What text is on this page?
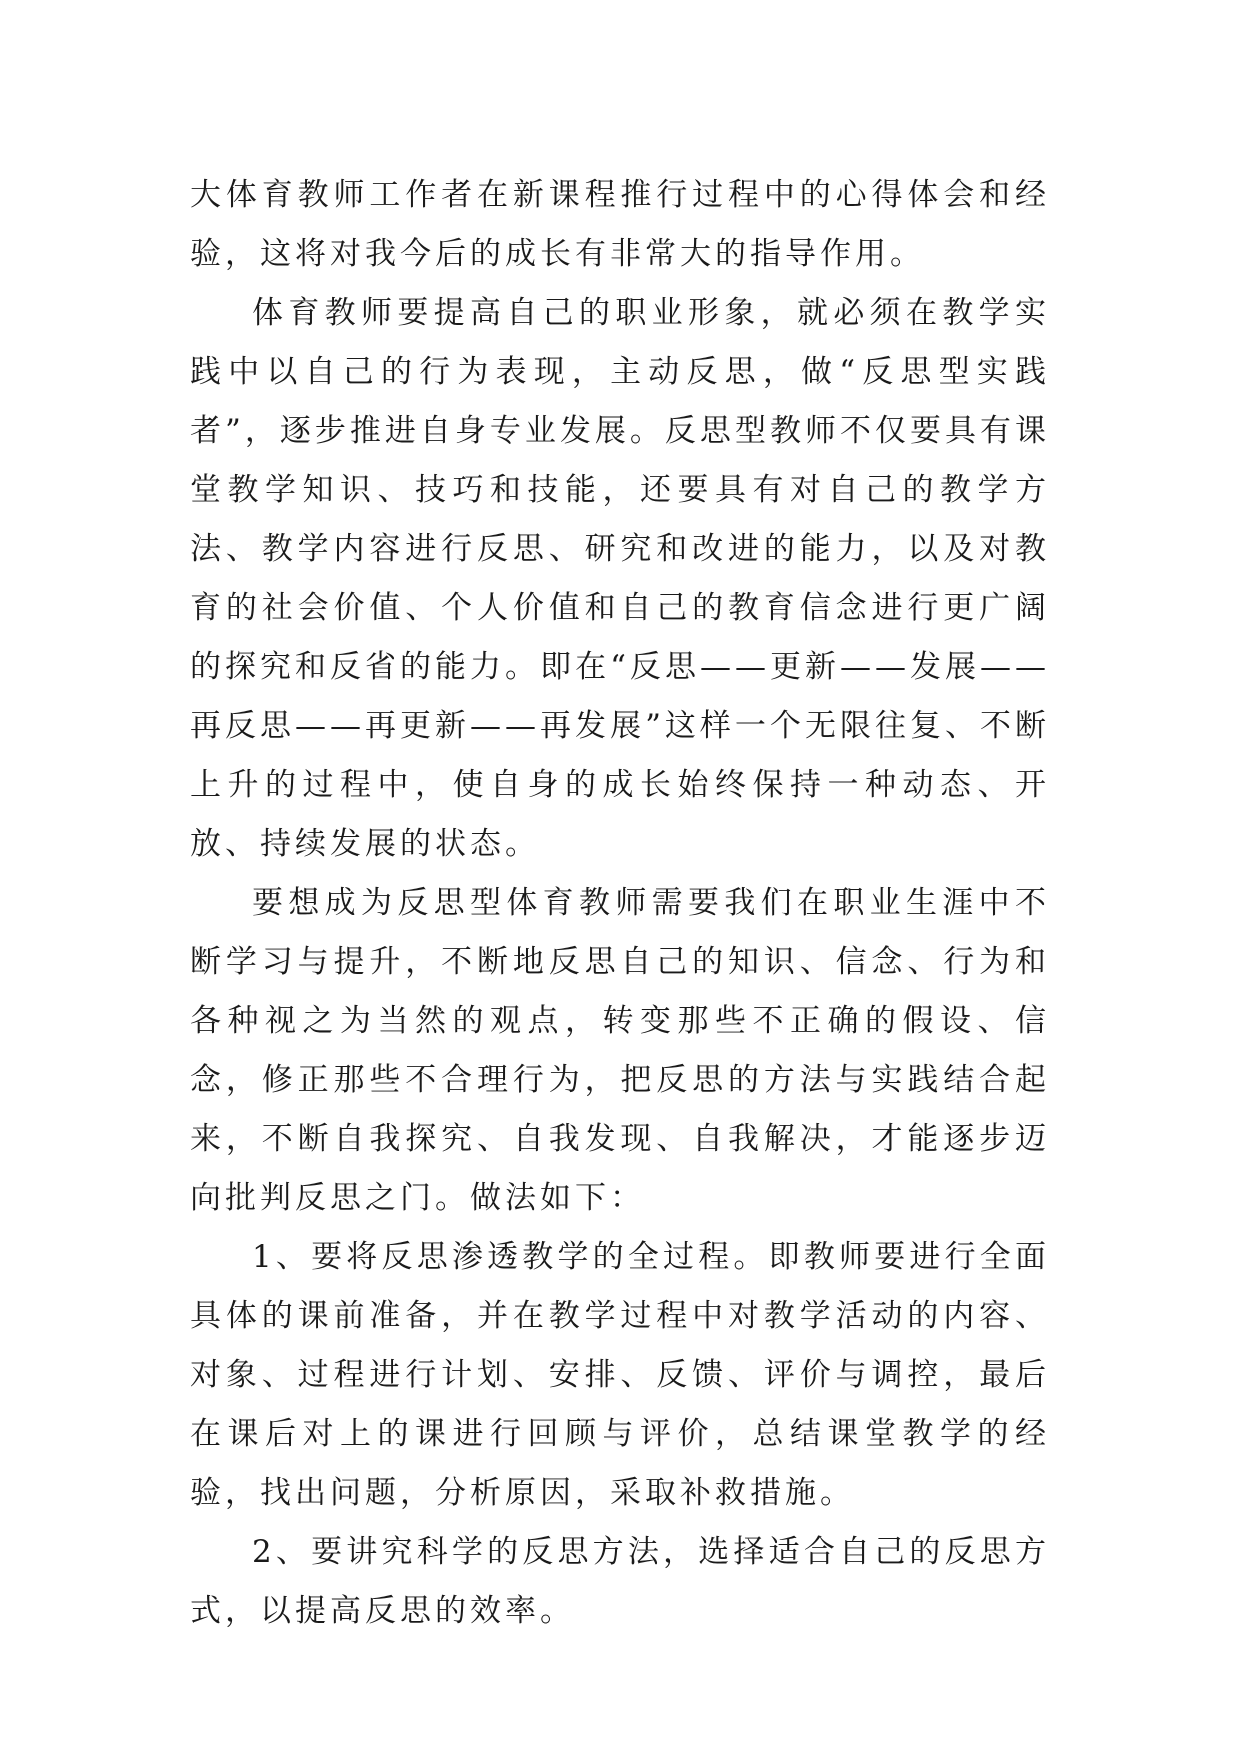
大体育教师工作者在新课程推行过程中的心得体会和经验，这将对我今后的成长有非常大的指导作用。

体育教师要提高自己的职业形象，就必须在教学实践中以自己的行为表现，主动反思，做“反思型实践者”，逐步推进自身专业发展。反思型教师不仅要具有课堂教学知识、技巧和技能，还要具有对自己的教学方法、教学内容进行反思、研究和改进的能力，以及对教育的社会价值、个人价值和自己的教育信念进行更广阔的探究和反省的能力。即在“反思——更新——发展——再反思——再更新——再发展”这样一个无限往复、不断上升的过程中，使自身的成长始终保持一种动态、开放、持续发展的状态。

要想成为反思型体育教师需要我们在职业生涯中不断学习与提升，不断地反思自己的知识、信念、行为和各种视之为当然的观点，转变那些不正确的假设、信念，修正那些不合理行为，把反思的方法与实践结合起来，不断自我探究、自我发现、自我解决，才能逐步迈向批判反思之门。做法如下：

1、要将反思渗透教学的全过程。即教师要进行全面具体的课前准备，并在教学过程中对教学活动的内容、对象、过程进行计划、安排、反馈、评价与调控，最后在课后对上的课进行回顾与评价，总结课堂教学的经验，找出问题，分析原因，采取补救措施。

2、要讲究科学的反思方法，选择适合自己的反思方式，以提高反思的效率。
